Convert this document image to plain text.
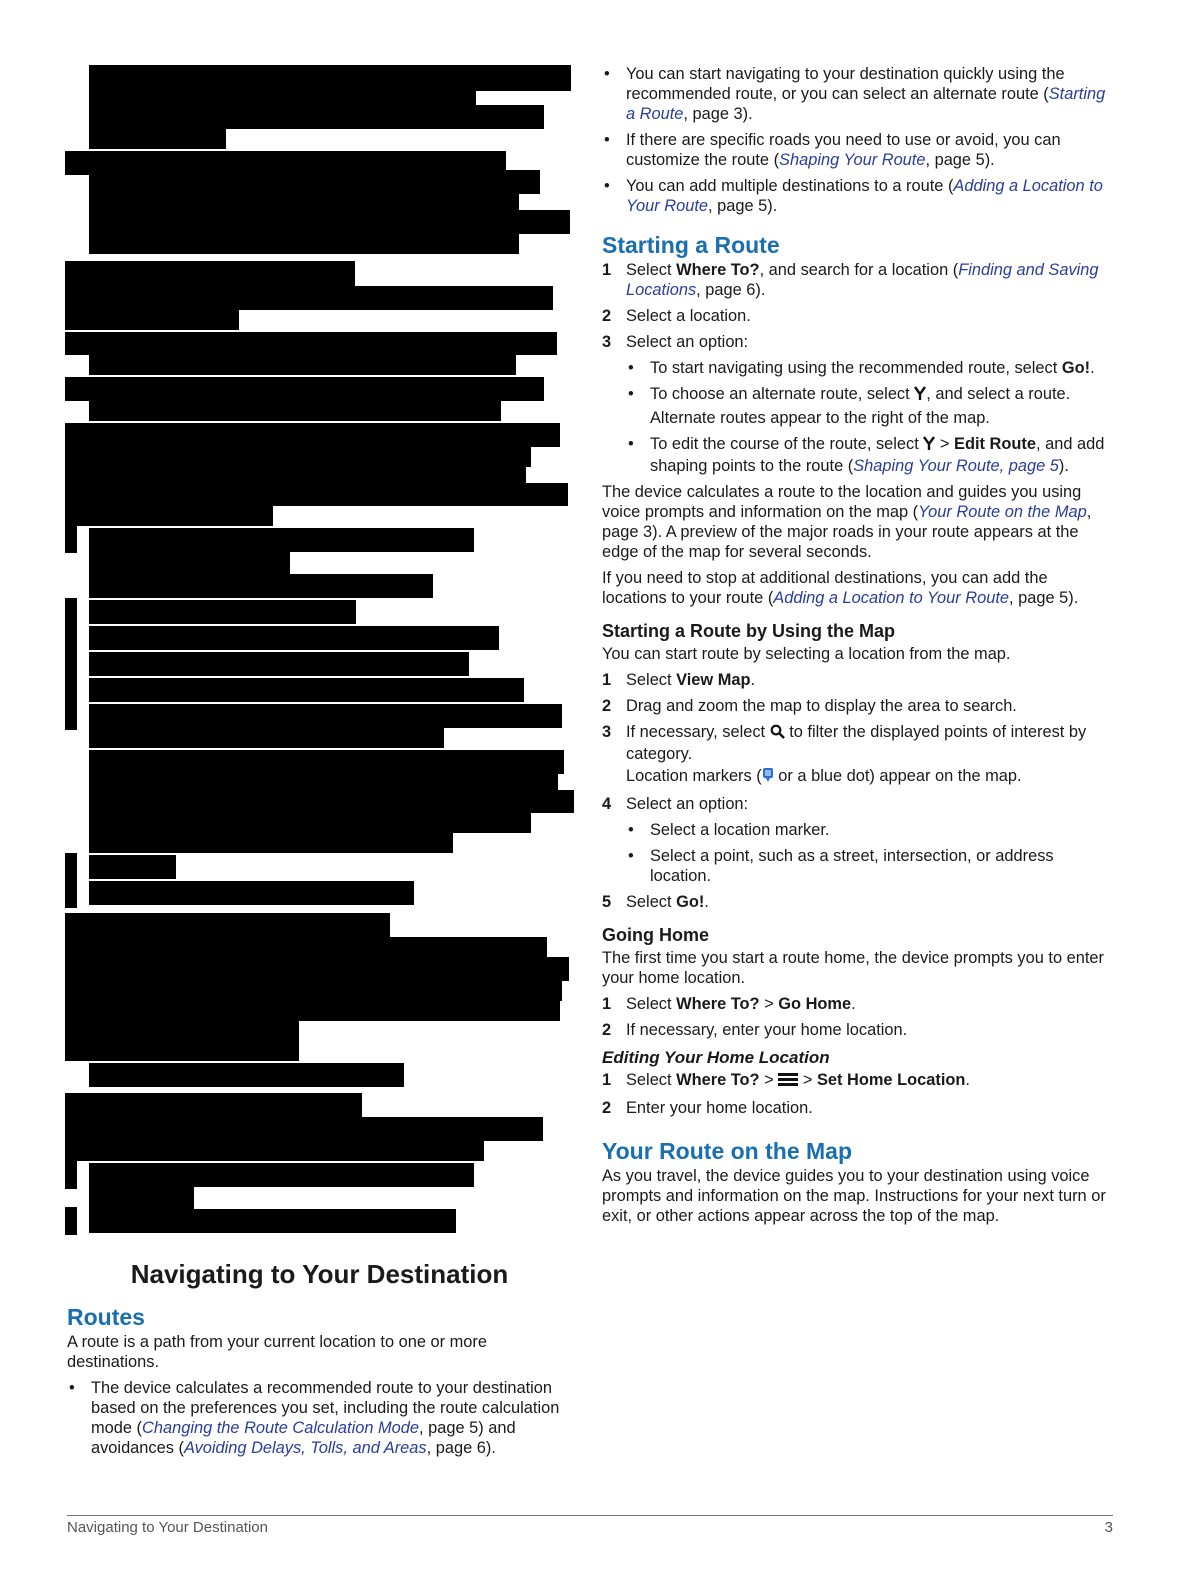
Navigating to Your Destination
Routes

A route is a path from your current location to one or more destinations.

• The device calculates a recommended route to your destination based on the preferences you set, including the route calculation mode (Changing the Route Calculation Mode, page 5) and avoidances (Avoiding Delays, Tolls, and Areas, page 6).
• You can start navigating to your destination quickly using the recommended route, or you can select an alternate route (Starting a Route, page 3).
• If there are specific roads you need to use or avoid, you can customize the route (Shaping Your Route, page 5).
• You can add multiple destinations to a route (Adding a Location to Your Route, page 5).
Starting a Route
1 Select Where To?, and search for a location (Finding and Saving Locations, page 6).
2 Select a location.
3 Select an option:
• To start navigating using the recommended route, select Go!.
• To choose an alternate route, select , and select a route.

Alternate routes appear to the right of the map.

• To edit the course of the route, select  > Edit Route, and add shaping points to the route (Shaping Your Route, page 5).

The device calculates a route to the location and guides you using voice prompts and information on the map (Your Route on the Map, page 3). A preview of the major roads in your route appears at the edge of the map for several seconds.

If you need to stop at additional destinations, you can add the locations to your route (Adding a Location to Your Route, page 5).

Starting a Route by Using the Map

You can start route by selecting a location from the map.

1 Select View Map.
2 Drag and zoom the map to display the area to search.
3 If necessary, select  to filter the displayed points of interest by category.

Location markers ( or a blue dot) appear on the map.

4 Select an option:
• Select a location marker.
• Select a point, such as a street, intersection, or address location.
5 Select Go!.
Going Home

The first time you start a route home, the device prompts you to enter your home location.

1 Select Where To? > Go Home.
2 If necessary, enter your home location.
Editing Your Home Location
1 Select Where To? >  > Set Home Location.
2 Enter your home location.
Your Route on the Map

As you travel, the device guides you to your destination using voice prompts and information on the map. Instructions for your next turn or exit, or other actions appear across the top of the map.

Navigating to Your Destination	3
